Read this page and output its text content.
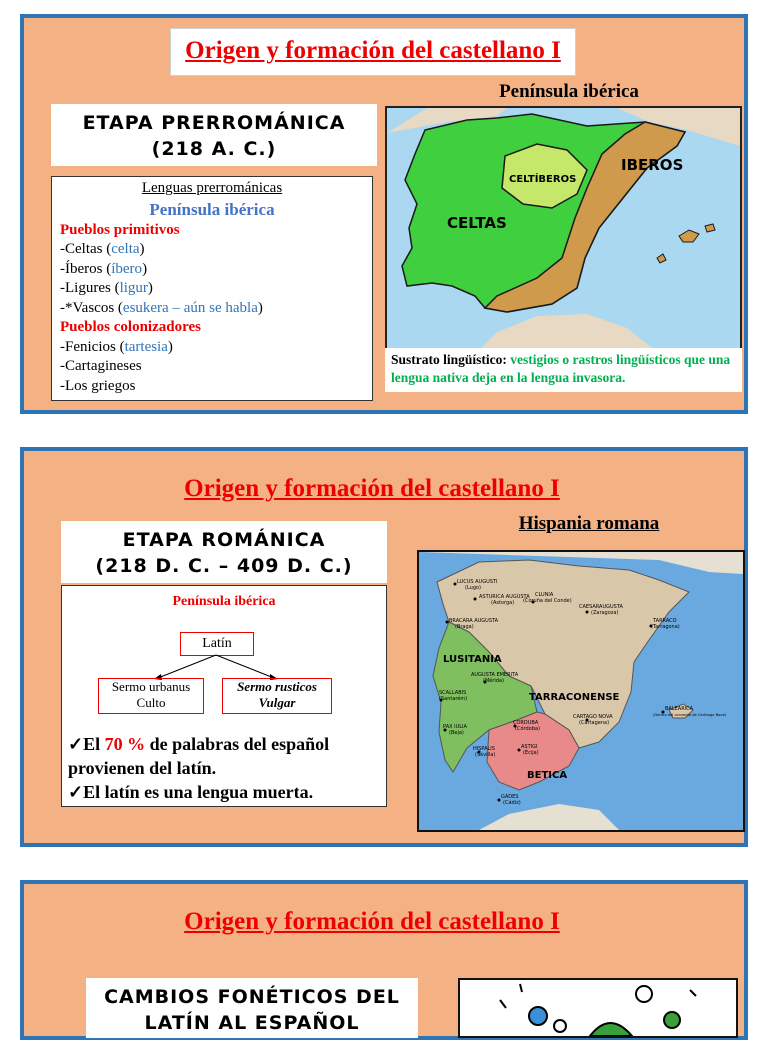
Origen y formación del castellano I
ETAPA PRERROMÁNICA
(218 A. C.)
Península ibérica
CELTÍBEROS
IBEROS
CELTAS
Lenguas prerrománicas
Península ibérica
Pueblos primitivos
-Celtas (celta)
-Íberos (íbero)
-Ligures (ligur)
-*Vascos (esukera – aún se habla)
Pueblos colonizadores
-Fenicios (tartesia)
-Cartagineses
-Los griegos
Sustrato lingüístico: vestigios o rastros lingüísticos que una lengua nativa deja en la lengua invasora.
Origen y formación del castellano I
ETAPA ROMÁNICA
(218 D. C. – 409 D. C.)
Hispania romana
Península ibérica
Latín
Sermo urbanus
Culto
Sermo rusticos
Vulgar
✓El 70 % de palabras del español provienen del latín.
✓El latín es una lengua muerta.
LUSITANIA
TARRACONENSE
BETICA
LUCUS AUGUSTI
(Lugo)
ASTURICA AUGUSTA
(Astorga)
CLUNIA
(Coruña del Conde)
BRACARA AUGUSTA
(Braga)
CAESARAUGUSTA
(Zaragoza)
TARRACO
(Tarragona)
AUGUSTA EMERITA
(Mérida)
SCALLABIS
(Santarém)
PAX IULIA
(Beja)
CORDUBA
(Córdoba)
HISPALIS
(Sevilla)
ASTIGI
(Écija)
CARTAGO NOVA
(Cartagena)
GADES
(Cádiz)
BALEARICA
(Dentro del convento de Carthago Nova)
Origen y formación del castellano I
CAMBIOS FONÉTICOS DEL
LATÍN AL ESPAÑOL
